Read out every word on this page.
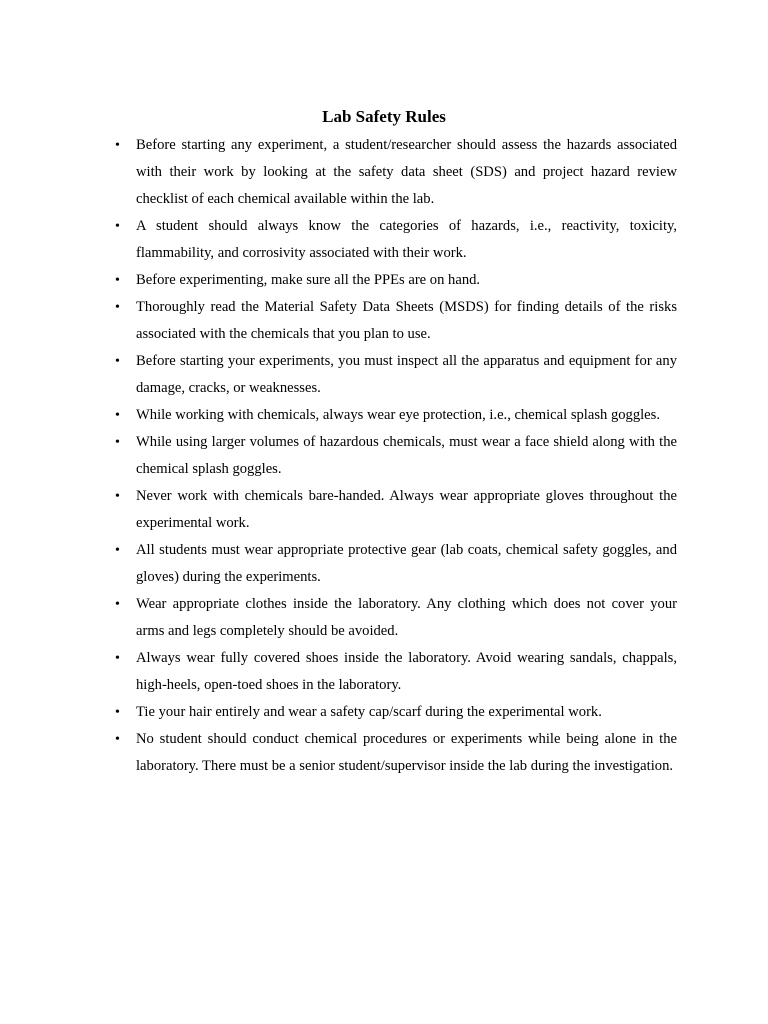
Lab Safety Rules
• Before starting any experiment, a student/researcher should assess the hazards associated with their work by looking at the safety data sheet (SDS) and project hazard review checklist of each chemical available within the lab.
• A student should always know the categories of hazards, i.e., reactivity, toxicity, flammability, and corrosivity associated with their work.
• Before experimenting, make sure all the PPEs are on hand.
• Thoroughly read the Material Safety Data Sheets (MSDS) for finding details of the risks associated with the chemicals that you plan to use.
• Before starting your experiments, you must inspect all the apparatus and equipment for any damage, cracks, or weaknesses.
• While working with chemicals, always wear eye protection, i.e., chemical splash goggles.
• While using larger volumes of hazardous chemicals, must wear a face shield along with the chemical splash goggles.
• Never work with chemicals bare-handed. Always wear appropriate gloves throughout the experimental work.
• All students must wear appropriate protective gear (lab coats, chemical safety goggles, and gloves) during the experiments.
• Wear appropriate clothes inside the laboratory. Any clothing which does not cover your arms and legs completely should be avoided.
• Always wear fully covered shoes inside the laboratory. Avoid wearing sandals, chappals, high-heels, open-toed shoes in the laboratory.
• Tie your hair entirely and wear a safety cap/scarf during the experimental work.
• No student should conduct chemical procedures or experiments while being alone in the laboratory. There must be a senior student/supervisor inside the lab during the investigation.
